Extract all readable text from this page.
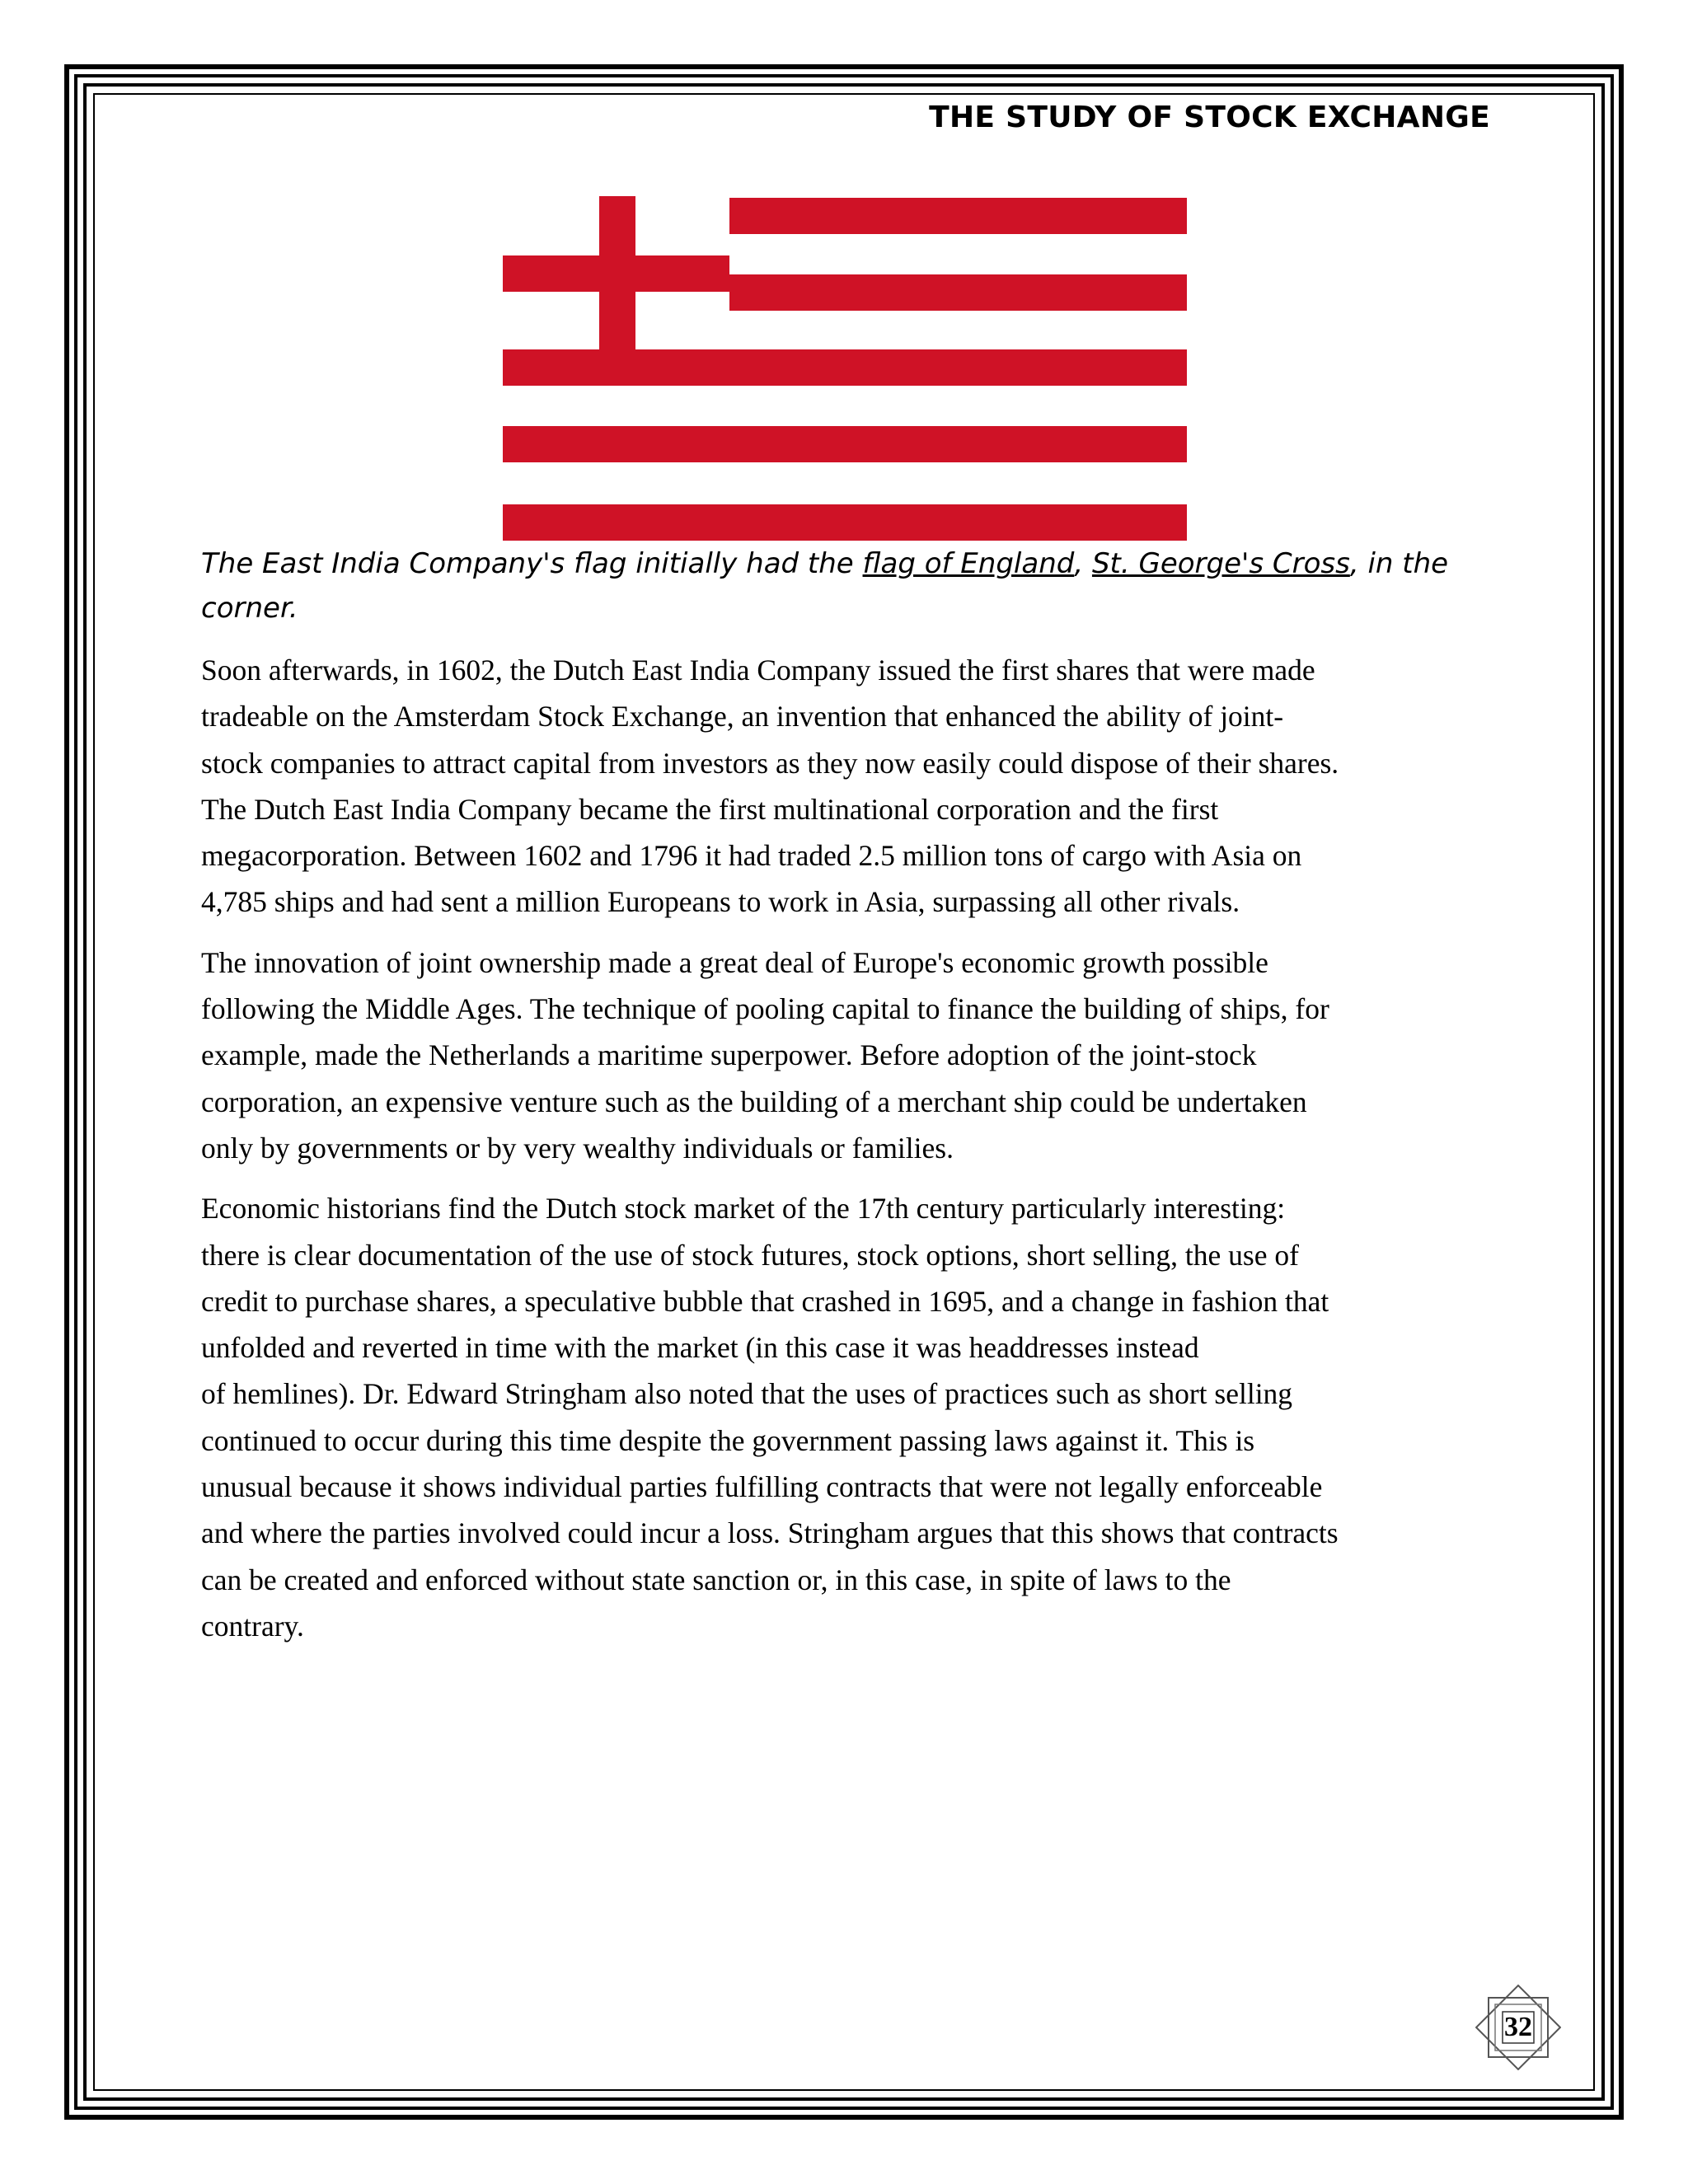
THE STUDY OF STOCK EXCHANGE
The East India Company's flag initially had the flag of England, St. George's Cross, in the
corner.

Soon afterwards, in 1602, the Dutch East India Company issued the first shares that were made
tradeable on the Amsterdam Stock Exchange, an invention that enhanced the ability of joint-
stock companies to attract capital from investors as they now easily could dispose of their shares.
The Dutch East India Company became the first multinational corporation and the first
megacorporation. Between 1602 and 1796 it had traded 2.5 million tons of cargo with Asia on
4,785 ships and had sent a million Europeans to work in Asia, surpassing all other rivals.

The innovation of joint ownership made a great deal of Europe's economic growth possible
following the Middle Ages. The technique of pooling capital to finance the building of ships, for
example, made the Netherlands a maritime superpower. Before adoption of the joint-stock
corporation, an expensive venture such as the building of a merchant ship could be undertaken
only by governments or by very wealthy individuals or families.

Economic historians find the Dutch stock market of the 17th century particularly interesting:
there is clear documentation of the use of stock futures, stock options, short selling, the use of
credit to purchase shares, a speculative bubble that crashed in 1695, and a change in fashion that
unfolded and reverted in time with the market (in this case it was headdresses instead
of hemlines). Dr. Edward Stringham also noted that the uses of practices such as short selling
continued to occur during this time despite the government passing laws against it. This is
unusual because it shows individual parties fulfilling contracts that were not legally enforceable
and where the parties involved could incur a loss. Stringham argues that this shows that contracts
can be created and enforced without state sanction or, in this case, in spite of laws to the
contrary.

32
